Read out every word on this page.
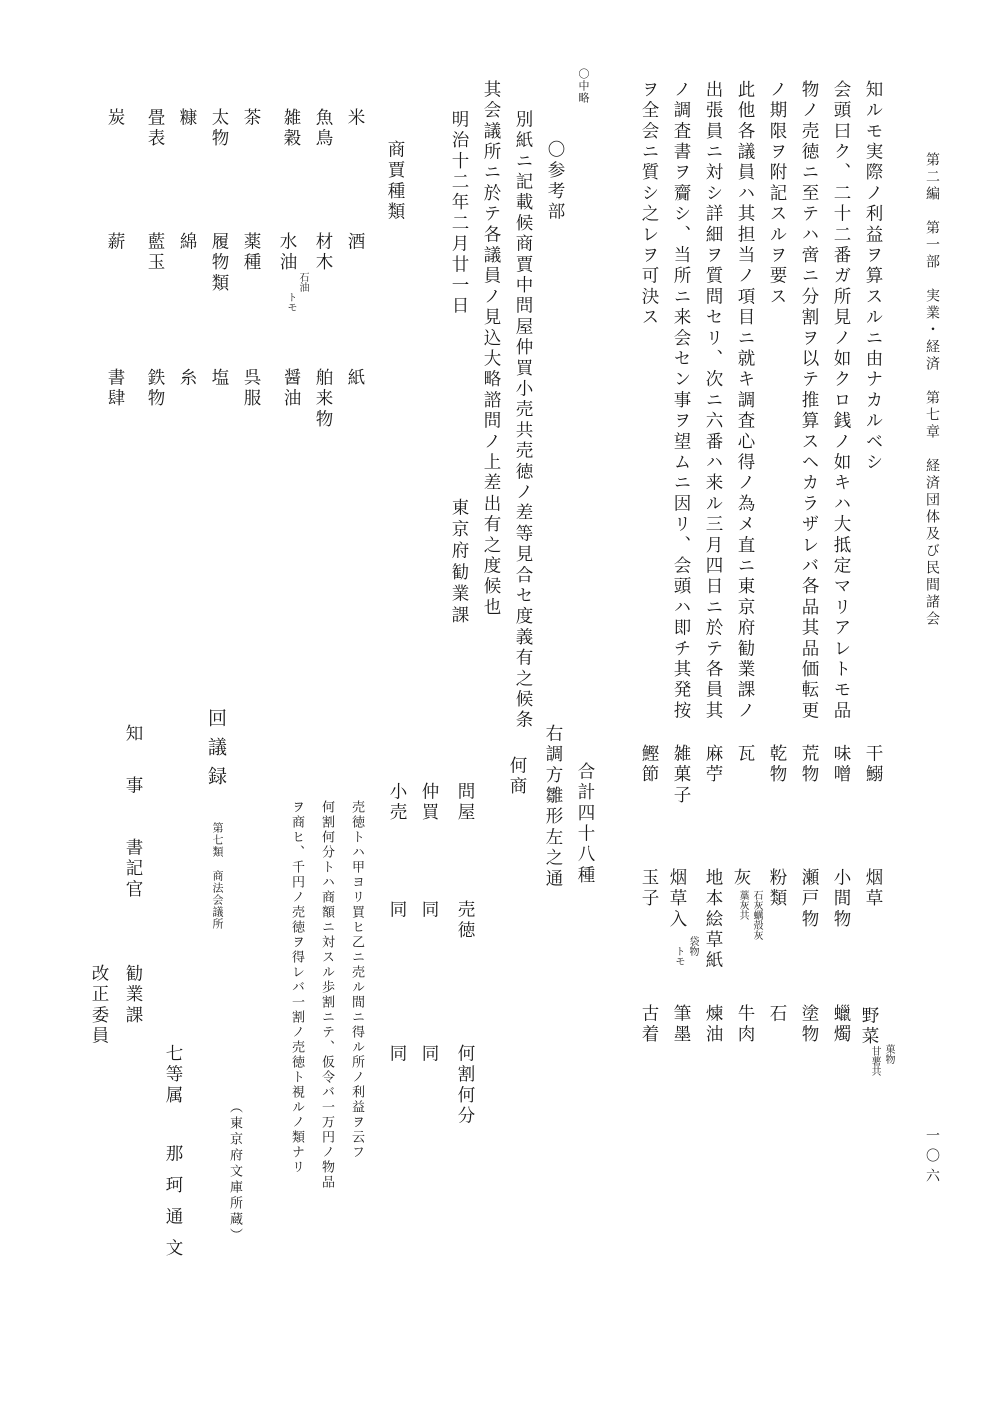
第二編　第一部　実業・経済　第七章　経済団体及び民間諸会
一〇六
知ルモ実際ノ利益ヲ算スルニ由ナカルベシ
会頭曰ク、二十二番ガ所見ノ如クロ銭ノ如キハ大抵定マリアレトモ品
物ノ売徳ニ至テハ啻ニ分割ヲ以テ推算スヘカラザレバ各品其品価転更
ノ期限ヲ附記スルヲ要ス
此他各議員ハ其担当ノ項目ニ就キ調査心得ノ為メ直ニ東京府勧業課ノ
出張員ニ対シ詳細ヲ質問セリ、次ニ六番ハ来ル三月四日ニ於テ各員其
ノ調査書ヲ齎シ、当所ニ来会セン事ヲ望ムニ因リ、会頭ハ即チ其発按
ヲ全会ニ質シ之レヲ可決ス
〇中略
〇参考部
別紙ニ記載候商賈中問屋仲買小売共売徳ノ差等見合セ度義有之候条
其会議所ニ於テ各議員ノ見込大略諮問ノ上差出有之度候也
明治十二年二月廿一日
東京府勧業課
商賈種類
米
酒
紙
魚鳥
材木
舶来物
雑穀
水油
石油
トモ
醤油
茶
薬種
呉服
太物
履物類
塩
糠
綿
糸
畳表
藍玉
鉄物
炭
薪
書肆
干鰯
烟草
野菜
菓物
甘薯共
味噌
小間物
蠟燭
荒物
瀬戸物
塗物
乾物
粉類
石
瓦
灰
石灰蠣殻灰
藁灰共
牛肉
麻苧
地本絵草紙
煉油
雑菓子
烟草入
袋物
トモ
筆墨
鰹節
玉子
古着
合計四十八種
右調方雛形左之通
何商
問屋
売徳
何割何分
仲買
同
同
小売
同
同
売徳トハ甲ヨリ買ヒ乙ニ売ル間ニ得ル所ノ利益ヲ云フ
何割何分トハ商額ニ対スル歩割ニテ、仮令バ一万円ノ物品
ヲ商ヒ、千円ノ売徳ヲ得レバ一割ノ売徳ト視ルノ類ナリ
（東京府文庫所蔵）
回議録
第七類　商法会議所
七等属
那珂通文
知
事
書記官
勧業課
改正委員
